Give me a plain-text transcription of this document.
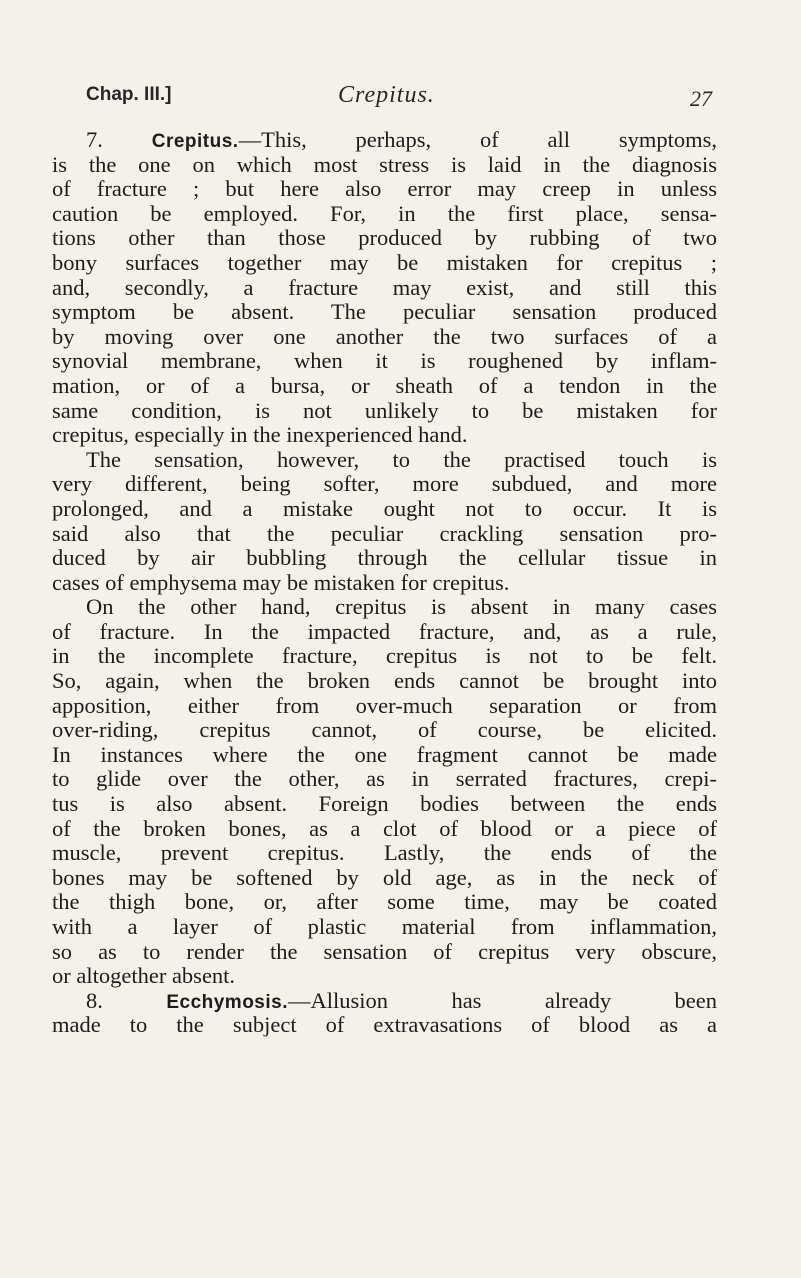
Chap. III.]	Crepitus.	27
7.	Crepitus.—This, perhaps, of all symptoms,
is the one on which most stress is laid in the diagnosis
of fracture ; but here also error may creep in unless
caution be employed. For, in the first place, sensa-
tions other than those produced by rubbing of two
bony surfaces together may be mistaken for crepitus ;
and, secondly, a fracture may exist, and still this
symptom be absent. The peculiar sensation produced
by moving over one another the two surfaces of a
synovial membrane, when it is roughened by inflam-
mation, or of a bursa, or sheath of a tendon in the
same condition, is not unlikely to be mistaken for
crepitus, especially in the inexperienced hand.
The sensation, however, to the practised touch is
very different, being softer, more subdued, and more
prolonged, and a mistake ought not to occur. It is
said also that the peculiar crackling sensation pro-
duced by air bubbling through the cellular tissue in
cases of emphysema may be mistaken for crepitus.
On the other hand, crepitus is absent in many cases
of fracture. In the impacted fracture, and, as a rule,
in the incomplete fracture, crepitus is not to be felt.
So, again, when the broken ends cannot be brought into
apposition, either from over-much separation or from
over-riding, crepitus cannot, of course, be elicited.
In instances where the one fragment cannot be made
to glide over the other, as in serrated fractures, crepi-
tus is also absent. Foreign bodies between the ends
of the broken bones, as a clot of blood or a piece of
muscle, prevent crepitus. Lastly, the ends of the
bones may be softened by old age, as in the neck of
the thigh bone, or, after some time, may be coated
with a layer of plastic material from inflammation,
so as to render the sensation of crepitus very obscure,
or altogether absent.
8.	Ecchymosis.—Allusion has already been
made to the subject of extravasations of blood as a
